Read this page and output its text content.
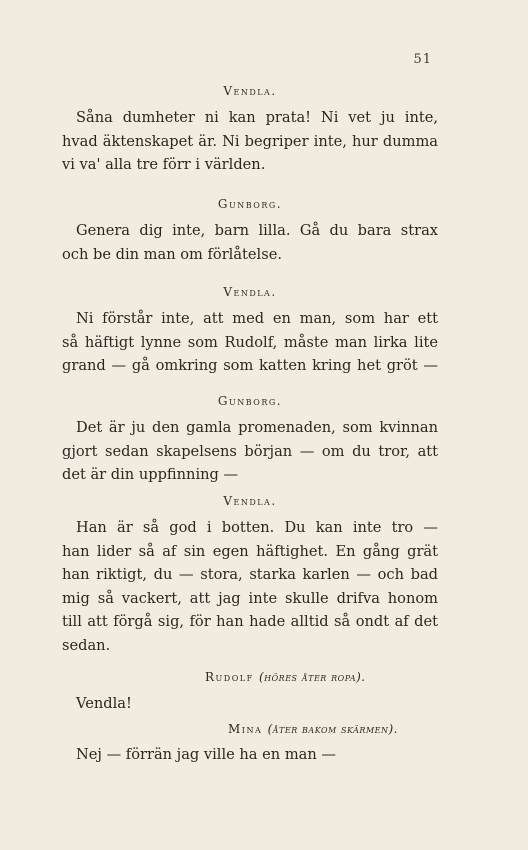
51
Vendla.
Såna dumheter ni kan prata! Ni vet ju inte,
hvad äktenskapet är. Ni begriper inte, hur dumma
vi va' alla tre förr i världen.
Gunborg.
Genera dig inte, barn lilla. Gå du bara strax
och be din man om förlåtelse.
Vendla.
Ni förstår inte, att med en man, som har ett
så häftigt lynne som Rudolf, måste man lirka lite
grand — gå omkring som katten kring het gröt —
Gunborg.
Det är ju den gamla promenaden, som kvinnan
gjort sedan skapelsens början — om du tror, att
det är din uppfinning —
Vendla.
Han är så god i botten. Du kan inte tro —
han lider så af sin egen häftighet. En gång grät
han riktigt, du — stora, starka karlen — och bad
mig så vackert, att jag inte skulle drifva honom
till att förgå sig, för han hade alltid så ondt af det
sedan.
Rudolf (höres åter ropa).
Vendla!
Mina (åter bakom skärmen).
Nej — förrän jag ville ha en man —
